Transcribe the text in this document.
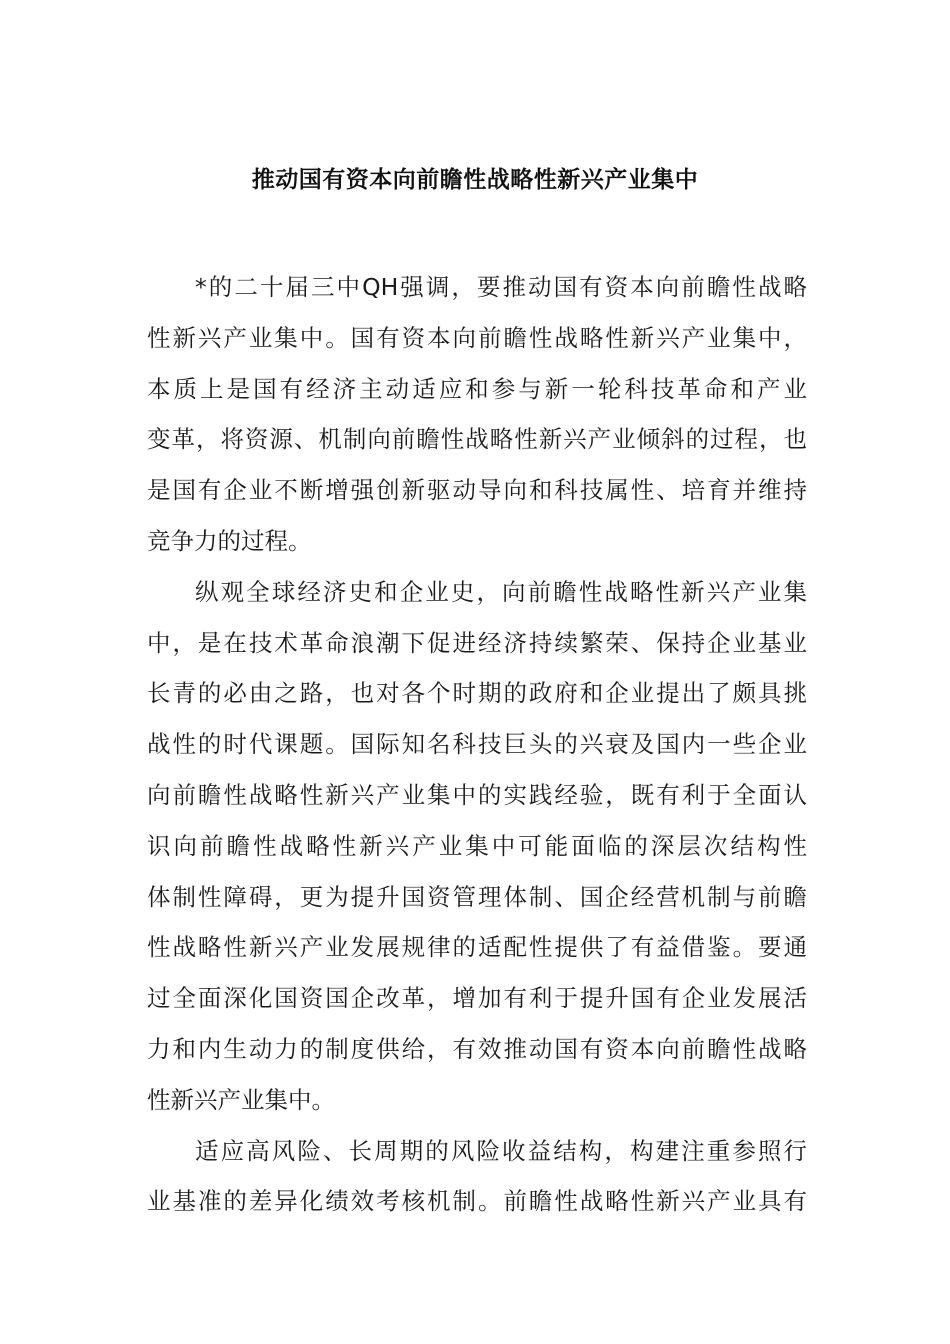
推动国有资本向前瞻性战略性新兴产业集中
*的二十届三中QH强调，要推动国有资本向前瞻性战略
性新兴产业集中。国有资本向前瞻性战略性新兴产业集中，
本质上是国有经济主动适应和参与新一轮科技革命和产业
变革，将资源、机制向前瞻性战略性新兴产业倾斜的过程，也
是国有企业不断增强创新驱动导向和科技属性、培育并维持
竞争力的过程。
纵观全球经济史和企业史，向前瞻性战略性新兴产业集
中，是在技术革命浪潮下促进经济持续繁荣、保持企业基业
长青的必由之路，也对各个时期的政府和企业提出了颇具挑
战性的时代课题。国际知名科技巨头的兴衰及国内一些企业
向前瞻性战略性新兴产业集中的实践经验，既有利于全面认
识向前瞻性战略性新兴产业集中可能面临的深层次结构性
体制性障碍，更为提升国资管理体制、国企经营机制与前瞻
性战略性新兴产业发展规律的适配性提供了有益借鉴。要通
过全面深化国资国企改革，增加有利于提升国有企业发展活
力和内生动力的制度供给，有效推动国有资本向前瞻性战略
性新兴产业集中。
适应高风险、长周期的风险收益结构，构建注重参照行
业基准的差异化绩效考核机制。前瞻性战略性新兴产业具有
